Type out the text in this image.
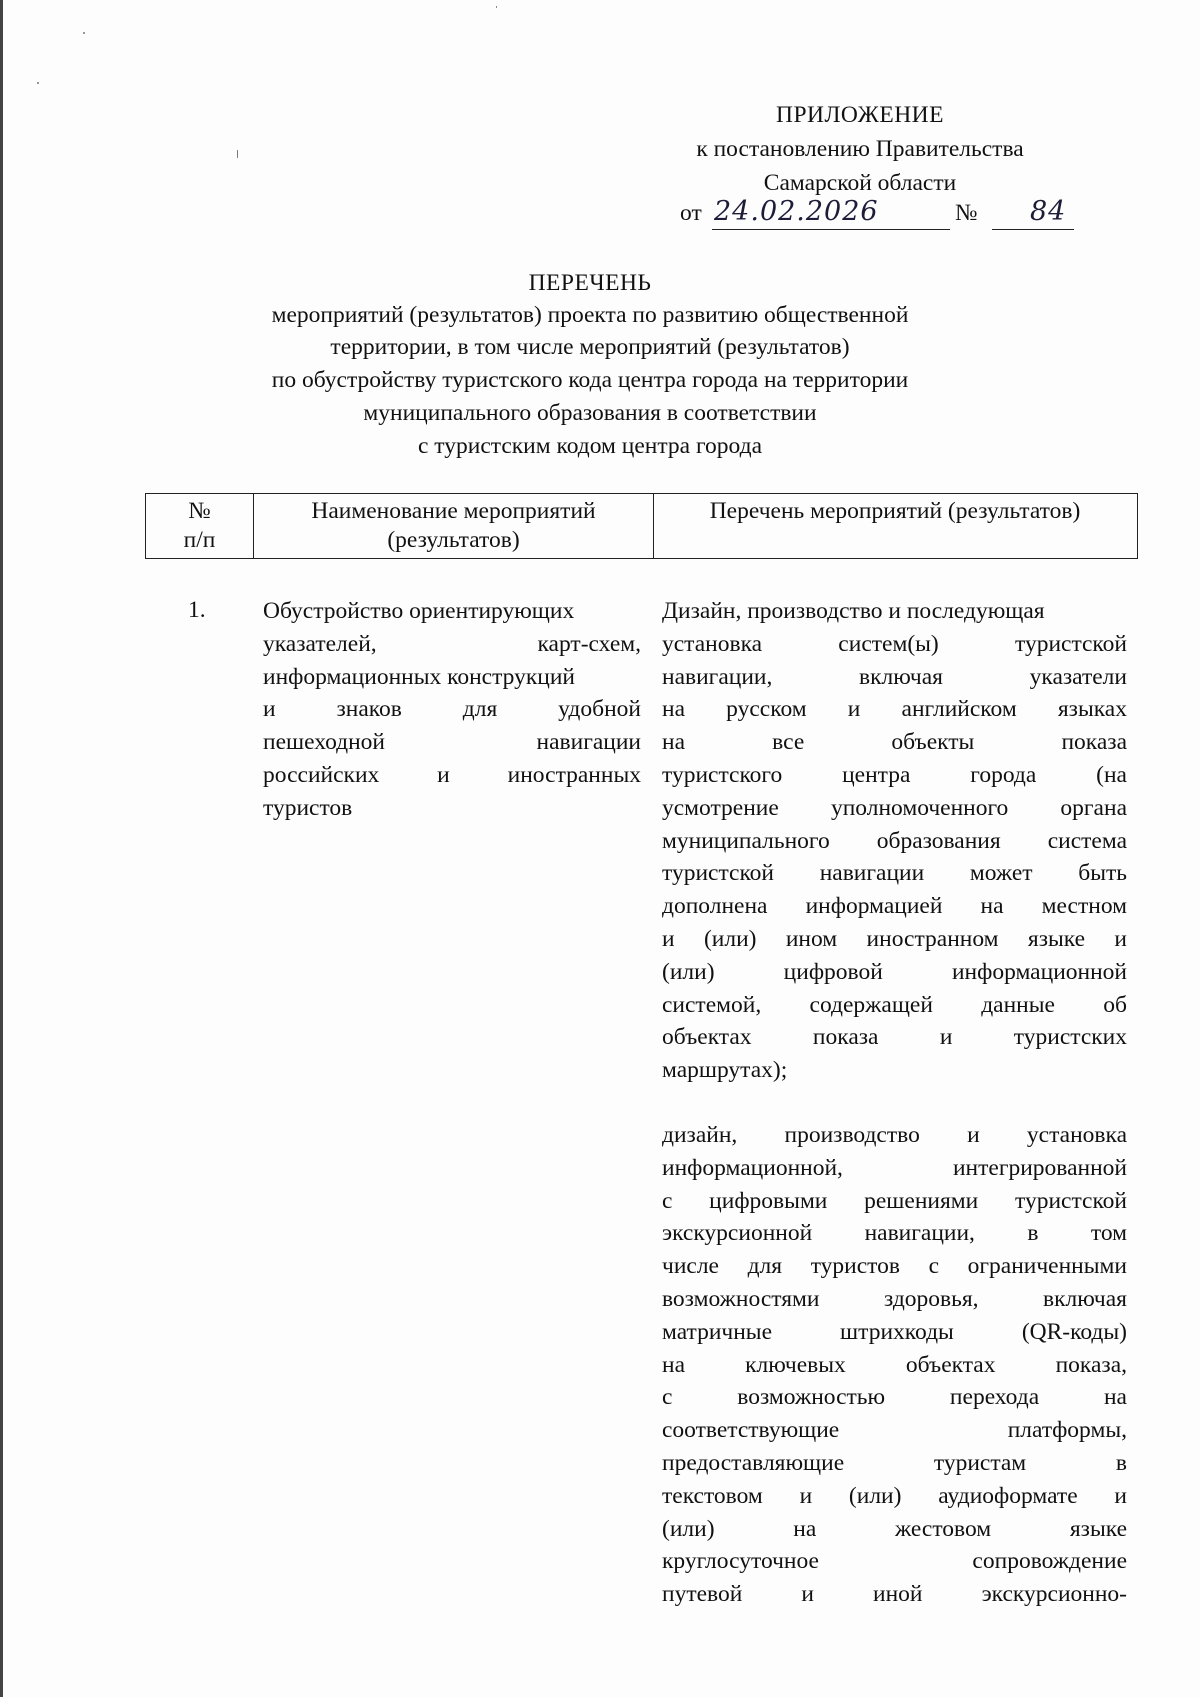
ПРИЛОЖЕНИЕ
к постановлению Правительства
Самарской области
от 24.02.2026	№ 84
ПЕРЕЧЕНЬ
мероприятий (результатов) проекта по развитию общественной
территории, в том числе мероприятий (результатов)
по обустройству туристского кода центра города на территории
муниципального образования в соответствии
с туристским кодом центра города
№
п/п
Наименование мероприятий
(результатов)
Перечень мероприятий (результатов)
1. Обустройство ориентирующих
указателей, карт-схем,
информационных конструкций
и знаков для удобной
пешеходной навигации
российских и иностранных
туристов
Дизайн, производство и последующая
установка систем(ы) туристской
навигации, включая указатели
на русском и английском языках
на все объекты показа
туристского центра города (на
усмотрение уполномоченного органа
муниципального образования система
туристской навигации может быть
дополнена информацией на местном
и (или) ином иностранном языке и
(или) цифровой информационной
системой, содержащей данные об
объектах показа и туристских
маршрутах);
дизайн, производство и установка
информационной, интегрированной
с цифровыми решениями туристской
экскурсионной навигации, в том
числе для туристов с ограниченными
возможностями здоровья, включая
матричные штрихкоды (QR-коды)
на ключевых объектах показа,
с возможностью перехода на
соответствующие платформы,
предоставляющие туристам в
текстовом и (или) аудиоформате и
(или) на жестовом языке
круглосуточное сопровождение
путевой и иной экскурсионно-
